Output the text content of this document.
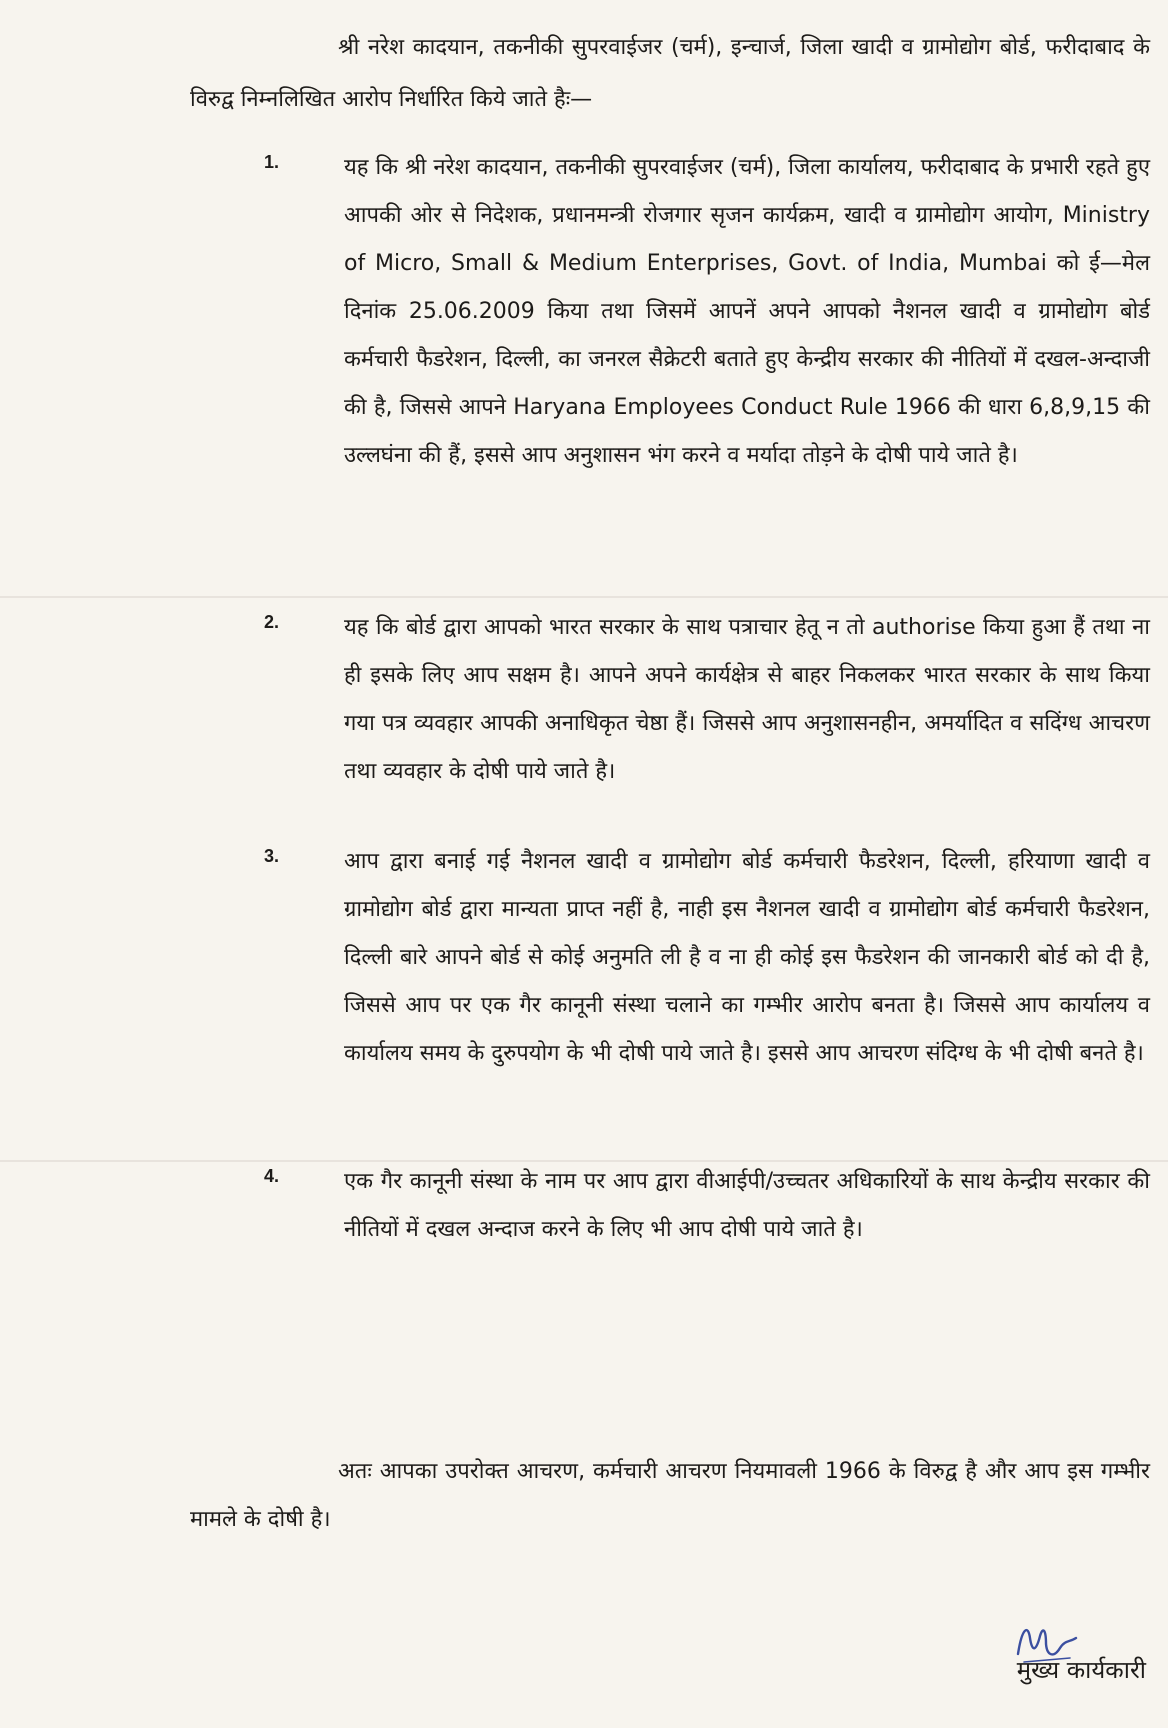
श्री नरेश कादयान, तकनीकी सुपरवाईजर (चर्म), इन्चार्ज, जिला खादी व ग्रामोद्योग बोर्ड, फरीदाबाद के विरुद्व निम्नलिखित आरोप निर्धारित किये जाते हैः—

1.	यह कि श्री नरेश कादयान, तकनीकी सुपरवाईजर (चर्म), जिला कार्यालय, फरीदाबाद के प्रभारी रहते हुए आपकी ओर से निदेशक, प्रधानमन्त्री रोजगार सृजन कार्यक्रम, खादी व ग्रामोद्योग आयोग, Ministry of Micro, Small & Medium Enterprises, Govt. of India, Mumbai को ई—मेल दिनांक 25.06.2009 किया तथा जिसमें आपनें अपने आपको नैशनल खादी व ग्रामोद्योग बोर्ड कर्मचारी फैडरेशन, दिल्ली, का जनरल सैक्रेटरी बताते हुए केन्द्रीय सरकार की नीतियों में दखल-अन्दाजी की है, जिससे आपने Haryana Employees Conduct Rule 1966 की धारा 6,8,9,15 की उल्लघंना की हैं, इससे आप अनुशासन भंग करने व मर्यादा तोड़ने के दोषी पाये जाते है।

2.	यह कि बोर्ड द्वारा आपको भारत सरकार के साथ पत्राचार हेतू न तो authorise किया हुआ हैं तथा ना ही इसके लिए आप सक्षम है। आपने अपने कार्यक्षेत्र से बाहर निकलकर भारत सरकार के साथ किया गया पत्र व्यवहार आपकी अनाधिकृत चेष्ठा हैं। जिससे आप अनुशासनहीन, अमर्यादित व सदिंग्ध आचरण तथा व्यवहार के दोषी पाये जाते है।

3.	आप द्वारा बनाई गई नैशनल खादी व ग्रामोद्योग बोर्ड कर्मचारी फैडरेशन, दिल्ली, हरियाणा खादी व ग्रामोद्योग बोर्ड द्वारा मान्यता प्राप्त नहीं है, नाही इस नैशनल खादी व ग्रामोद्योग बोर्ड कर्मचारी फैडरेशन, दिल्ली बारे आपने बोर्ड से कोई अनुमति ली है व ना ही कोई इस फैडरेशन की जानकारी बोर्ड को दी है, जिससे आप पर एक गैर कानूनी संस्था चलाने का गम्भीर आरोप बनता है। जिससे आप कार्यालय व कार्यालय समय के दुरुपयोग के भी दोषी पाये जाते है। इससे आप आचरण संदिग्ध के भी दोषी बनते है।

4.	एक गैर कानूनी संस्था के नाम पर आप द्वारा वीआईपी/उच्चतर अधिकारियों के साथ केन्द्रीय सरकार की नीतियों में दखल अन्दाज करने के लिए भी आप दोषी पाये जाते है।

अतः आपका उपरोक्त आचरण, कर्मचारी आचरण नियमावली 1966 के विरुद्व है और आप इस गम्भीर मामले के दोषी है।

मुख्य कार्यकारी
